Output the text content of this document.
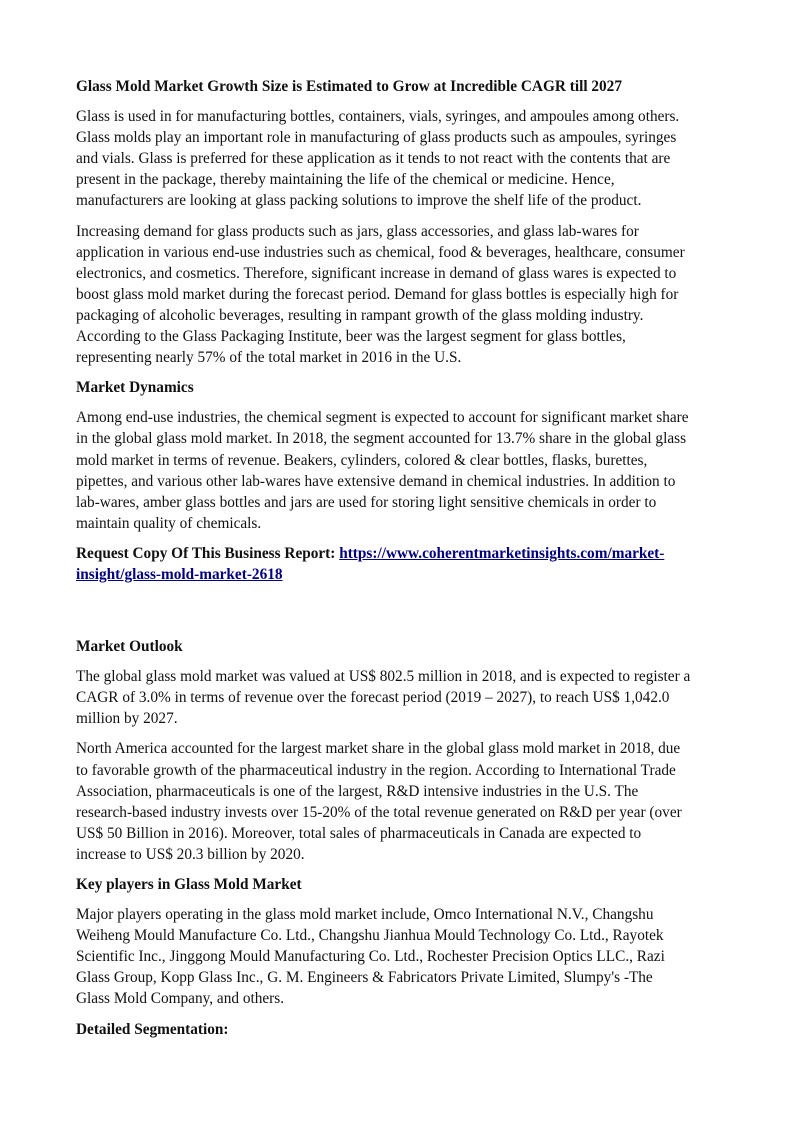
Glass Mold Market Growth Size is Estimated to Grow at Incredible CAGR till 2027

Glass is used in for manufacturing bottles, containers, vials, syringes, and ampoules among others.
Glass molds play an important role in manufacturing of glass products such as ampoules, syringes
and vials. Glass is preferred for these application as it tends to not react with the contents that are
present in the package, thereby maintaining the life of the chemical or medicine. Hence,
manufacturers are looking at glass packing solutions to improve the shelf life of the product.

Increasing demand for glass products such as jars, glass accessories, and glass lab-wares for
application in various end-use industries such as chemical, food & beverages, healthcare, consumer
electronics, and cosmetics. Therefore, significant increase in demand of glass wares is expected to
boost glass mold market during the forecast period. Demand for glass bottles is especially high for
packaging of alcoholic beverages, resulting in rampant growth of the glass molding industry.
According to the Glass Packaging Institute, beer was the largest segment for glass bottles,
representing nearly 57% of the total market in 2016 in the U.S.

Market Dynamics

Among end-use industries, the chemical segment is expected to account for significant market share
in the global glass mold market. In 2018, the segment accounted for 13.7% share in the global glass
mold market in terms of revenue. Beakers, cylinders, colored & clear bottles, flasks, burettes,
pipettes, and various other lab-wares have extensive demand in chemical industries. In addition to
lab-wares, amber glass bottles and jars are used for storing light sensitive chemicals in order to
maintain quality of chemicals.

Request Copy Of This Business Report: https://www.coherentmarketinsights.com/market-
insight/glass-mold-market-2618

Market Outlook

The global glass mold market was valued at US$ 802.5 million in 2018, and is expected to register a
CAGR of 3.0% in terms of revenue over the forecast period (2019 – 2027), to reach US$ 1,042.0
million by 2027.

North America accounted for the largest market share in the global glass mold market in 2018, due
to favorable growth of the pharmaceutical industry in the region. According to International Trade
Association, pharmaceuticals is one of the largest, R&D intensive industries in the U.S. The
research-based industry invests over 15-20% of the total revenue generated on R&D per year (over
US$ 50 Billion in 2016). Moreover, total sales of pharmaceuticals in Canada are expected to
increase to US$ 20.3 billion by 2020.

Key players in Glass Mold Market

Major players operating in the glass mold market include, Omco International N.V., Changshu
Weiheng Mould Manufacture Co. Ltd., Changshu Jianhua Mould Technology Co. Ltd., Rayotek
Scientific Inc., Jinggong Mould Manufacturing Co. Ltd., Rochester Precision Optics LLC., Razi
Glass Group, Kopp Glass Inc., G. M. Engineers & Fabricators Private Limited, Slumpy's -The
Glass Mold Company, and others.

Detailed Segmentation:
